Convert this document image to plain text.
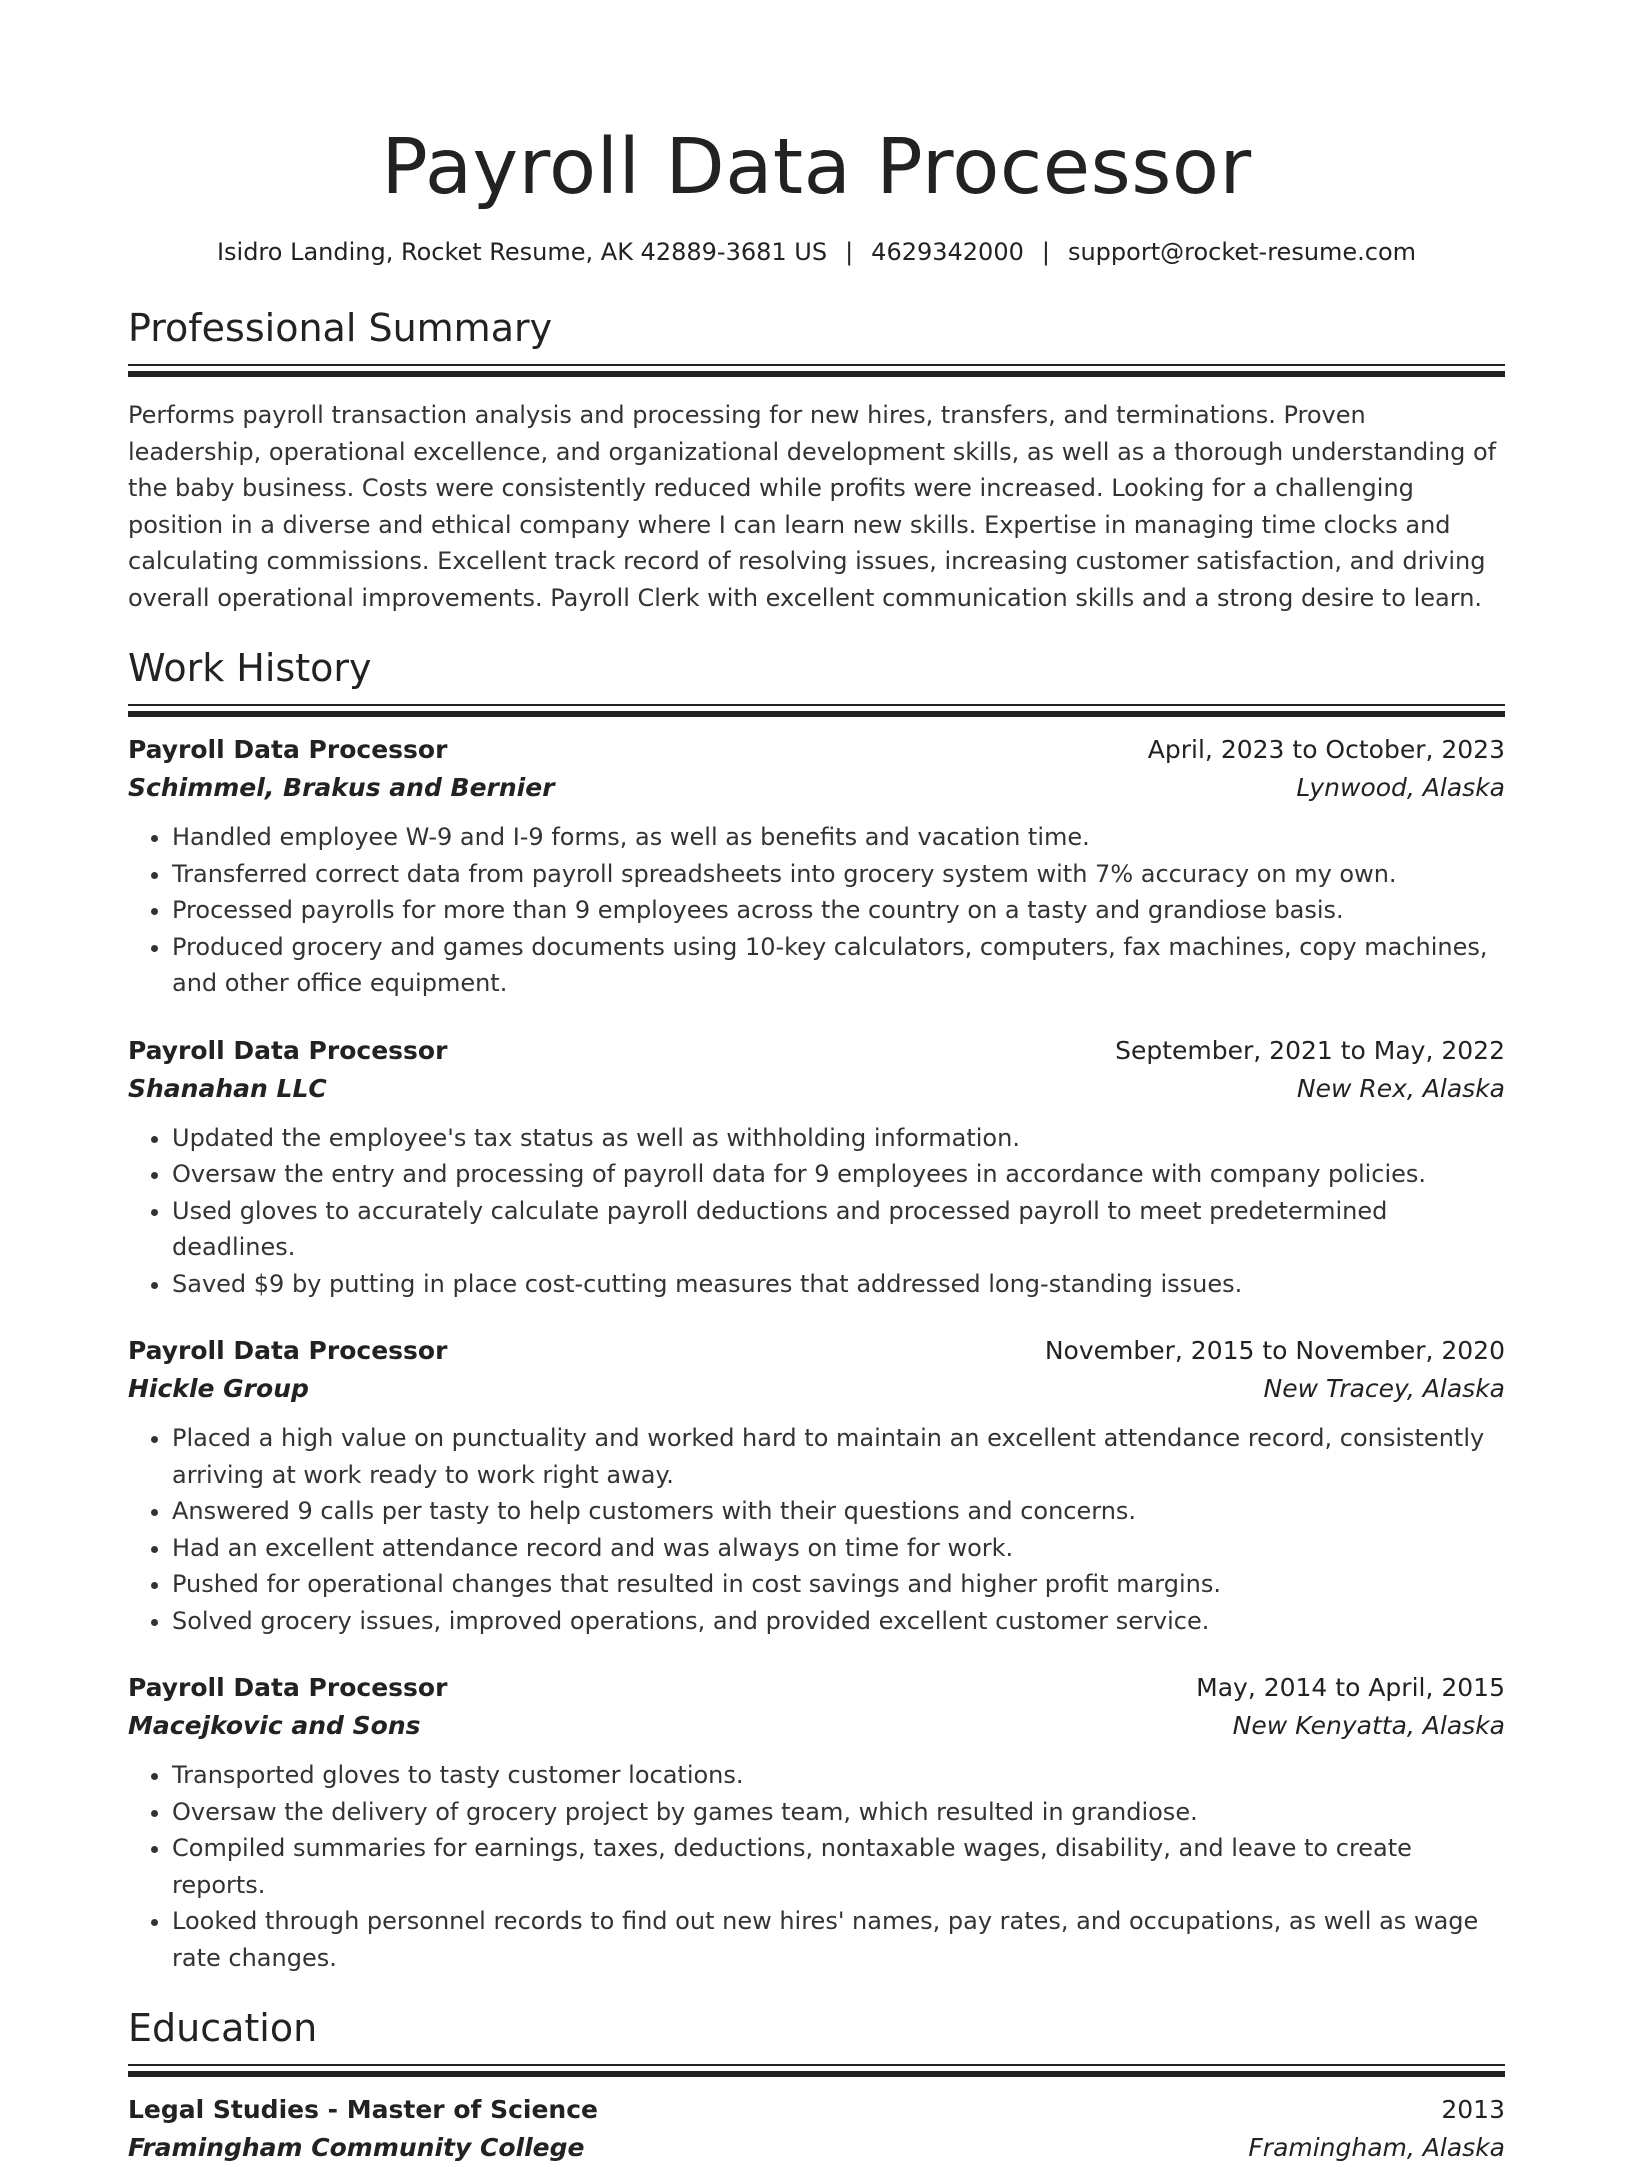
Payroll Data Processor
Isidro Landing, Rocket Resume, AK 42889-3681 US | 4629342000 | support@rocket-resume.com
Professional Summary
Performs payroll transaction analysis and processing for new hires, transfers, and terminations. Proven leadership, operational excellence, and organizational development skills, as well as a thorough understanding of the baby business. Costs were consistently reduced while profits were increased. Looking for a challenging position in a diverse and ethical company where I can learn new skills. Expertise in managing time clocks and calculating commissions. Excellent track record of resolving issues, increasing customer satisfaction, and driving overall operational improvements. Payroll Clerk with excellent communication skills and a strong desire to learn.
Work History
Payroll Data Processor	April, 2023 to October, 2023
Schimmel, Brakus and Bernier	Lynwood, Alaska
• Handled employee W-9 and I-9 forms, as well as benefits and vacation time.
• Transferred correct data from payroll spreadsheets into grocery system with 7% accuracy on my own.
• Processed payrolls for more than 9 employees across the country on a tasty and grandiose basis.
• Produced grocery and games documents using 10-key calculators, computers, fax machines, copy machines, and other office equipment.
Payroll Data Processor	September, 2021 to May, 2022
Shanahan LLC	New Rex, Alaska
• Updated the employee's tax status as well as withholding information.
• Oversaw the entry and processing of payroll data for 9 employees in accordance with company policies.
• Used gloves to accurately calculate payroll deductions and processed payroll to meet predetermined deadlines.
• Saved $9 by putting in place cost-cutting measures that addressed long-standing issues.
Payroll Data Processor	November, 2015 to November, 2020
Hickle Group	New Tracey, Alaska
• Placed a high value on punctuality and worked hard to maintain an excellent attendance record, consistently arriving at work ready to work right away.
• Answered 9 calls per tasty to help customers with their questions and concerns.
• Had an excellent attendance record and was always on time for work.
• Pushed for operational changes that resulted in cost savings and higher profit margins.
• Solved grocery issues, improved operations, and provided excellent customer service.
Payroll Data Processor	May, 2014 to April, 2015
Macejkovic and Sons	New Kenyatta, Alaska
• Transported gloves to tasty customer locations.
• Oversaw the delivery of grocery project by games team, which resulted in grandiose.
• Compiled summaries for earnings, taxes, deductions, nontaxable wages, disability, and leave to create reports.
• Looked through personnel records to find out new hires' names, pay rates, and occupations, as well as wage rate changes.
Education
Legal Studies - Master of Science	2013
Framingham Community College	Framingham, Alaska
